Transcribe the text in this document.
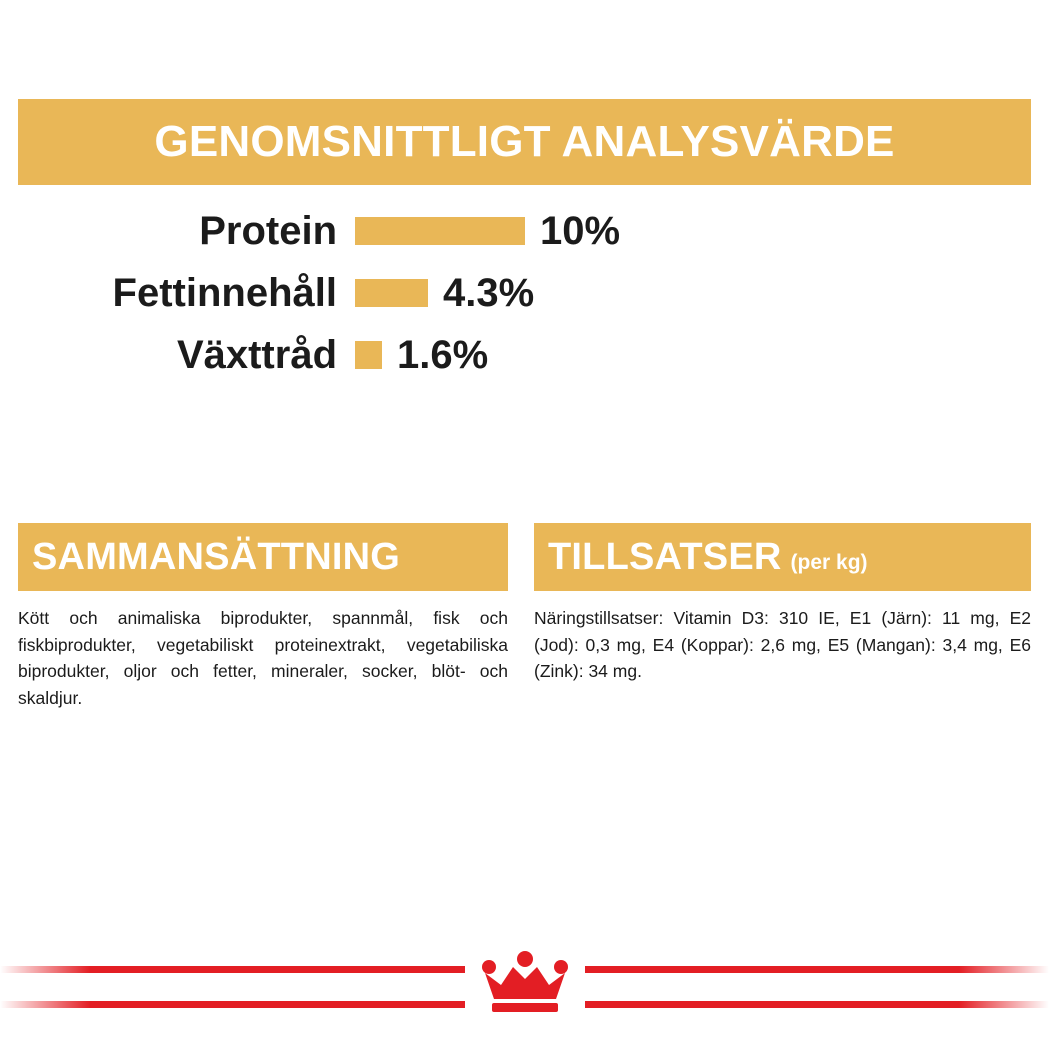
GENOMSNITTLIGT ANALYSVÄRDE
Protein	10%
Fettinnehåll	4.3%
Växttråd	1.6%
SAMMANSÄTTNING
Kött och animaliska biprodukter, spannmål, fisk och fiskbiprodukter, vegetabiliskt proteinextrakt, vegetabiliska biprodukter, oljor och fetter, mineraler, socker, blöt- och skaldjur.
TILLSATSER (per kg)
Näringstillsatser: Vitamin D3: 310 IE, E1 (Järn): 11 mg, E2 (Jod): 0,3 mg, E4 (Koppar): 2,6 mg, E5 (Mangan): 3,4 mg, E6 (Zink): 34 mg.
